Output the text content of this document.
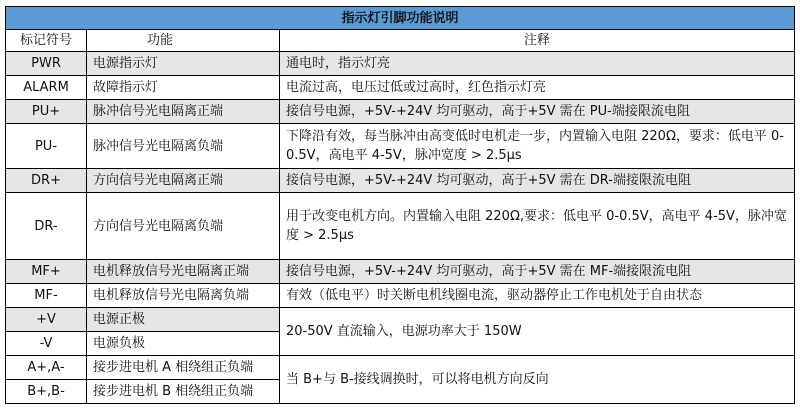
指示灯引脚功能说明		
标记符号	功能	注释
PWR	电源指示灯	通电时，指示灯亮
ALARM	故障指示灯	电流过高，电压过低或过高时，红色指示灯亮
PU+	脉冲信号光电隔离正端	接信号电源，+5V-+24V 均可驱动，高于+5V 需在 PU-端接限流电阻
PU-	脉冲信号光电隔离负端	下降沿有效，每当脉冲由高变低时电机走一步，内置输入电阻 220Ω，要求：低电平 0-0.5V，高电平 4-5V，脉冲宽度 > 2.5μs
DR+	方向信号光电隔离正端	接信号电源，+5V-+24V 均可驱动，高于+5V 需在 DR-端接限流电阻
DR-	方向信号光电隔离负端	用于改变电机方向。内置输入电阻 220Ω,要求：低电平 0-0.5V，高电平 4-5V，脉冲宽度 > 2.5μs
MF+	电机释放信号光电隔离正端	接信号电源，+5V-+24V 均可驱动，高于+5V 需在 MF-端接限流电阻
MF-	电机释放信号光电隔离负端	有效（低电平）时关断电机线圈电流，驱动器停止工作电机处于自由状态
+V	电源正极	20-50V 直流输入，电源功率大于 150W
-V	电源负极	
A+,A-	接步进电机 A 相绕组正负端	当 B+与 B-接线调换时，可以将电机方向反向
B+,B-	接步进电机 B 相绕组正负端	
